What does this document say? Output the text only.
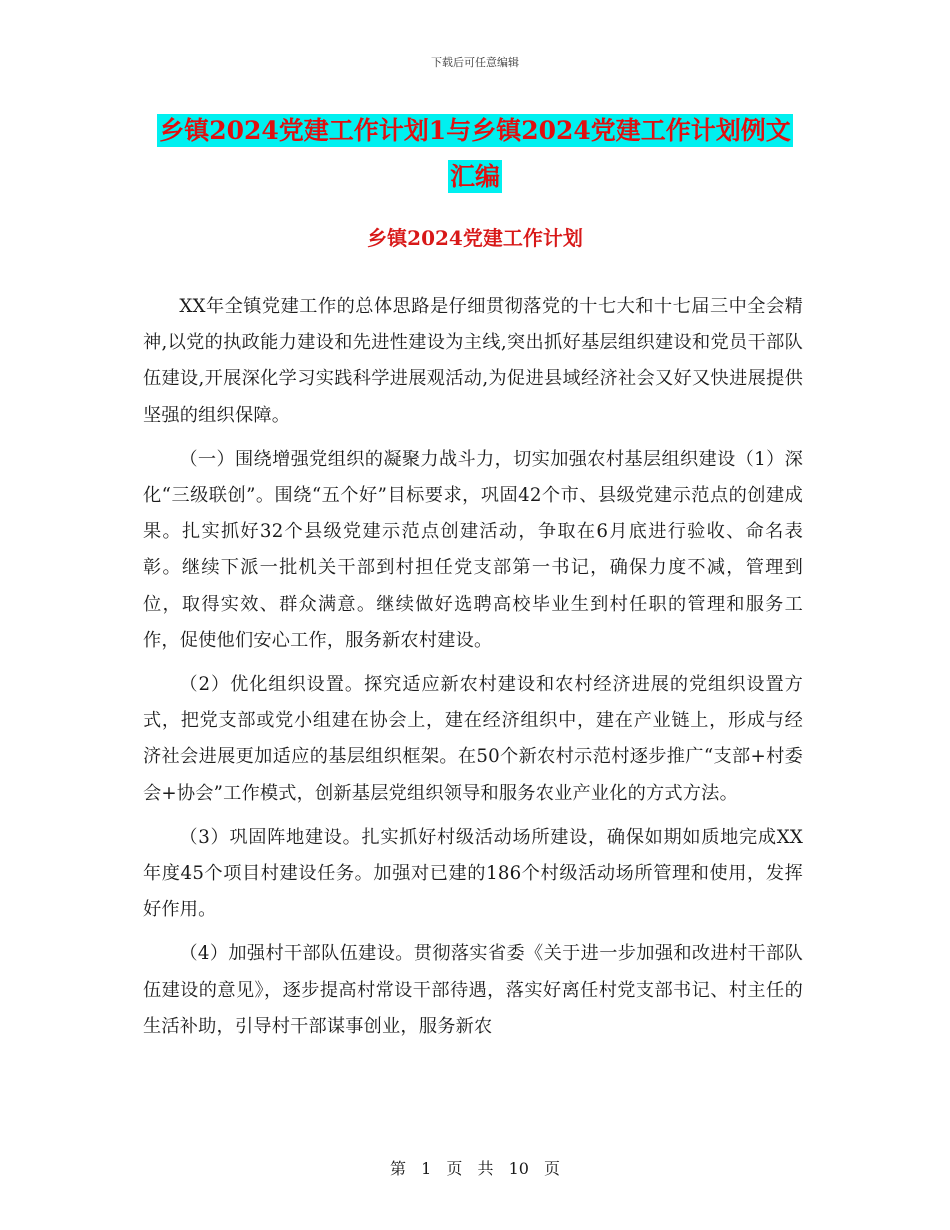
下载后可任意编辑
乡镇2024党建工作计划1与乡镇2024党建工作计划例文汇编
乡镇2024党建工作计划

XX年全镇党建工作的总体思路是仔细贯彻落党的十七大和十七届三中全会精神,以党的执政能力建设和先进性建设为主线,突出抓好基层组织建设和党员干部队伍建设,开展深化学习实践科学进展观活动,为促进县域经济社会又好又快进展提供坚强的组织保障。

（一）围绕增强党组织的凝聚力战斗力，切实加强农村基层组织建设（1）深化“三级联创”。围绕“五个好”目标要求，巩固42个市、县级党建示范点的创建成果。扎实抓好32个县级党建示范点创建活动，争取在6月底进行验收、命名表彰。继续下派一批机关干部到村担任党支部第一书记，确保力度不减，管理到位，取得实效、群众满意。继续做好选聘高校毕业生到村任职的管理和服务工作，促使他们安心工作，服务新农村建设。

（2）优化组织设置。探究适应新农村建设和农村经济进展的党组织设置方式，把党支部或党小组建在协会上，建在经济组织中，建在产业链上，形成与经济社会进展更加适应的基层组织框架。在50个新农村示范村逐步推广“支部+村委会+协会”工作模式，创新基层党组织领导和服务农业产业化的方式方法。

（3）巩固阵地建设。扎实抓好村级活动场所建设，确保如期如质地完成XX年度45个项目村建设任务。加强对已建的186个村级活动场所管理和使用，发挥好作用。

（4）加强村干部队伍建设。贯彻落实省委《关于进一步加强和改进村干部队伍建设的意见》，逐步提高村常设干部待遇，落实好离任村党支部书记、村主任的生活补助，引导村干部谋事创业，服务新农

第 1 页 共 10 页
